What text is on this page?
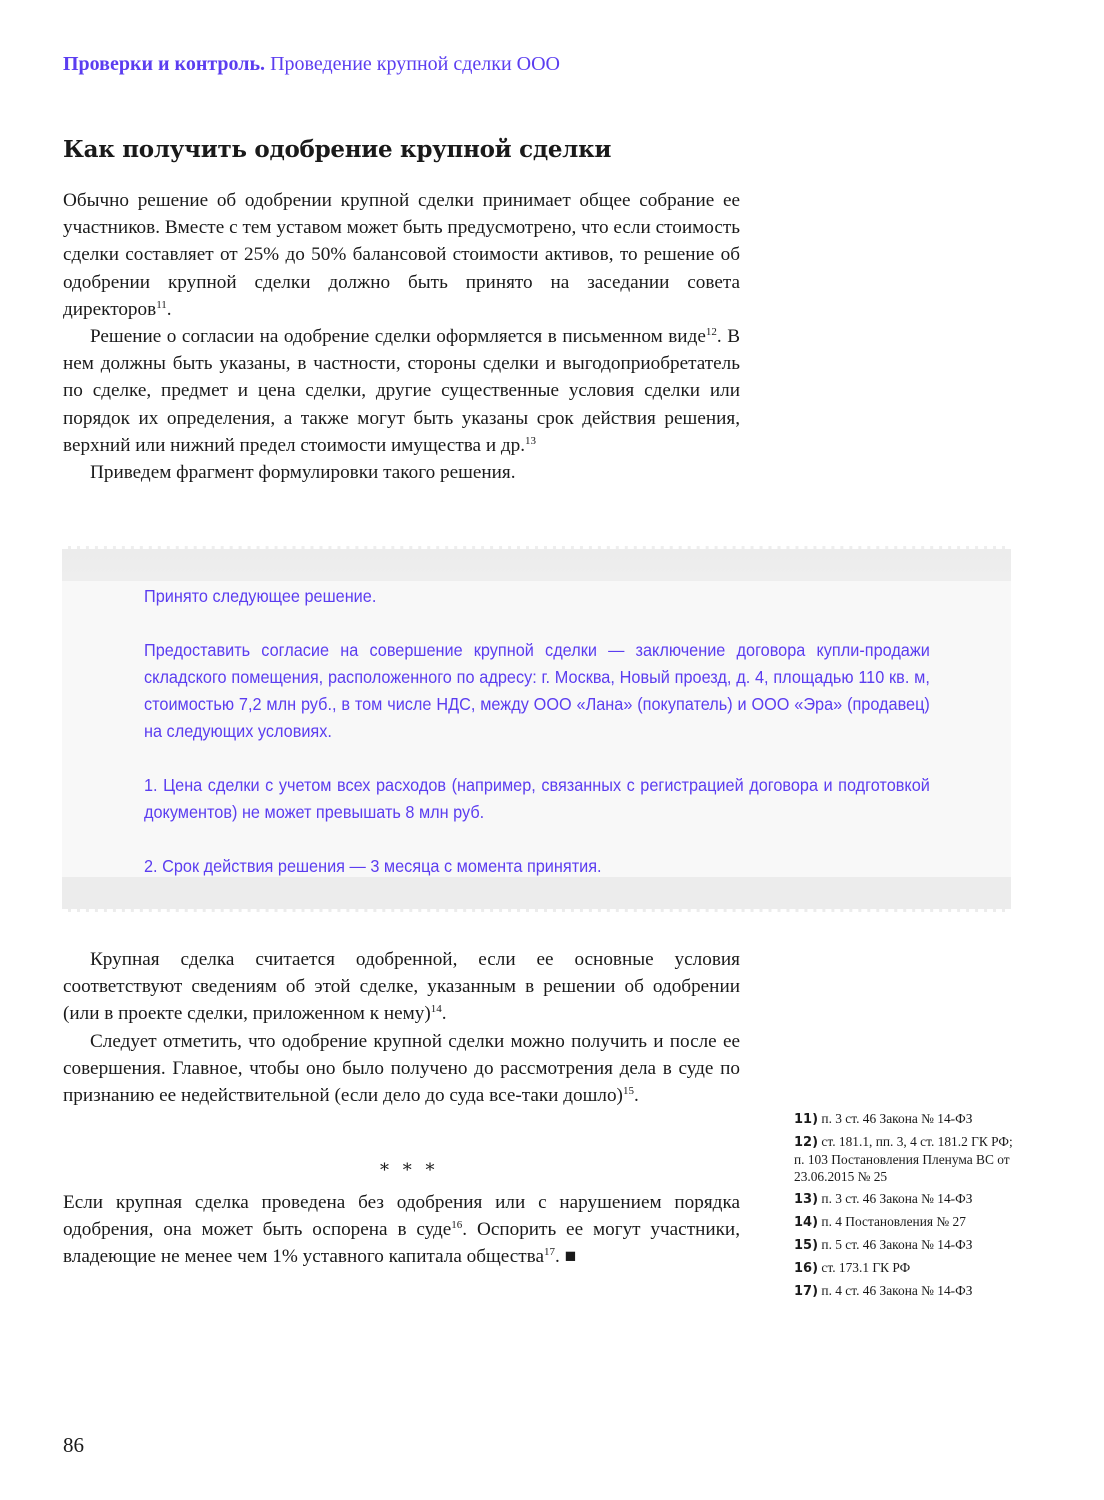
Проверки и контроль. Проведение крупной сделки ООО
Как получить одобрение крупной сделки

Обычно решение об одобрении крупной сделки принимает общее собрание ее участников. Вместе с тем уставом может быть предусмотрено, что если стоимость сделки составляет от 25% до 50% балансовой стоимости активов, то решение об одобрении крупной сделки должно быть принято на заседании совета директоров$^{11}$.

Решение о согласии на одобрение сделки оформляется в письменном виде$^{12}$. В нем должны быть указаны, в частности, стороны сделки и выгодоприобретатель по сделке, предмет и цена сделки, другие существенные условия сделки или порядок их определения, а также могут быть указаны срок действия решения, верхний или нижний предел стоимости имущества и др.$^{13}$

Приведем фрагмент формулировки такого решения.

Принято следующее решение.

Предоставить согласие на совершение крупной сделки — заключение договора купли-продажи складского помещения, расположенного по адресу: г. Москва, Новый проезд, д. 4, площадью 110 кв. м, стоимостью 7,2 млн руб., в том числе НДС, между ООО «Лана» (покупатель) и ООО «Эра» (продавец) на следующих условиях.

1. Цена сделки с учетом всех расходов (например, связанных с регистрацией договора и подготовкой документов) не может превышать 8 млн руб.

2. Срок действия решения — 3 месяца с момента принятия.

Крупная сделка считается одобренной, если ее основные условия соответствуют сведениям об этой сделке, указанным в решении об одобрении (или в проекте сделки, приложенном к нему)$^{14}$.

Следует отметить, что одобрение крупной сделки можно получить и после ее совершения. Главное, чтобы оно было получено до рассмотрения дела в суде по признанию ее недействительной (если дело до суда все-таки дошло)$^{15}$.

* * *

Если крупная сделка проведена без одобрения или с нарушением порядка одобрения, она может быть оспорена в суде$^{16}$. Оспорить ее могут участники, владеющие не менее чем 1% уставного капитала общества$^{17}$. ■

11) п. 3 ст. 46 Закона № 14-ФЗ
12) ст. 181.1, пп. 3, 4 ст. 181.2 ГК РФ; п. 103 Постановления Пленума ВС от 23.06.2015 № 25
13) п. 3 ст. 46 Закона № 14-ФЗ
14) п. 4 Постановления № 27
15) п. 5 ст. 46 Закона № 14-ФЗ
16) ст. 173.1 ГК РФ
17) п. 4 ст. 46 Закона № 14-ФЗ
86
